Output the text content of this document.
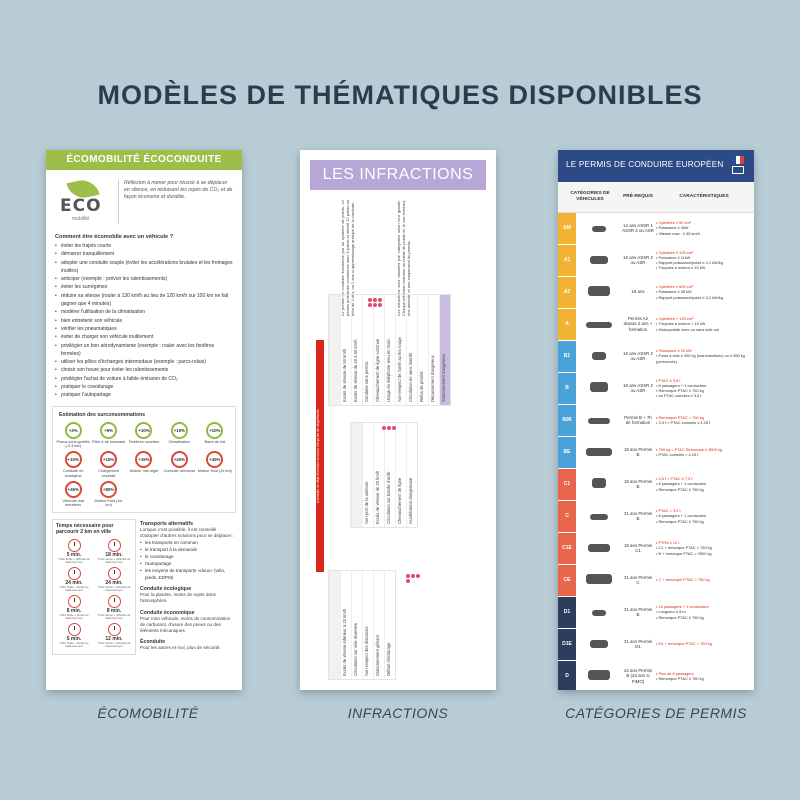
MODÈLES DE THÉMATIQUES DISPONIBLES
ÉCOMOBILITÉ ÉCOCONDUITE
ECO
mobilité
Réflexion à mener pour réussir à se déplacer en silence, en réduisant les rejets de CO₂ et de façon économe et durable.
Comment être écomobile avec un véhicule ?
• éviter les trajets courts
• démarrer tranquillement
• adopter une conduite souple (éviter les accélérations brutales et les freinages inutiles)
• anticiper (exemple : prévoir les ralentissements)
• éviter les surrégimes
• réduire sa vitesse (rouler à 130 km/h au lieu de 120 km/h sur 100 km ne fait gagner que 4 minutes)
• modérer l'utilisation de la climatisation
• bien entretenir son véhicule
• vérifier les pneumatiques
• éviter de charger son véhicule inutilement
• privilégier un bon aérodynamisme (exemple : rouler avec les fenêtres fermées)
• utiliser les pôles d'échanges intermodaux (exemple : parcs-relais)
• choisir son heure pour éviter les ralentissements
• privilégier l'achat de voiture à faible émission de CO₂
• pratiquer le covoiturage
• pratiquer l'autopartage
Estimation des surconsommations
+3%
Pneus sous-gonflés (-0,3 bar)
+5%
Filtre à air encrassé
+10%
Fenêtres ouvertes
+10%
Climatisation
+10%
Barre de toit
+10%
Conduite en surrégime
+15%
Chargement excessif
+15%
Moteur mal réglé
+40%
Conduite nerveuse
+45%
Moteur froid (2e km)
+45%
Véhicule mal entretenu
+80%
Moteur froid (1er km)
Temps nécessaire pour parcourir 2 km en ville
5 min.
Trafic fluide + difficulté de stationnement
18 min.
Trafic dense + difficulté de stationnement
24 min.
Trafic fluide + facilité de stationnement
24 min.
Trafic dense + difficulté de stationnement
8 min.
Trafic fluide + facilité de stationnement
8 min.
Trafic dense + difficulté de stationnement
5 min.
Trafic fluide + facilité de stationnement
12 min.
Trafic dense + difficulté de stationnement
Transports alternatifs
Lorsque c'est possible, il est conseillé d'adopter d'autres solutions pour se déplacer :
• les transports en commun
• le transport à la demande
• le covoiturage
• l'autopartage
• les moyens de transports «doux» (vélo, pieds, EDPM)
Conduite écologique
Pour la planète, moins de rejets dans l'atmosphère.
Conduite économique
Pour mon véhicule, moins de consommation de carburant, d'usure des pneus ou des éléments mécaniques.
Éconduite
Pour les autres et moi, plus de sécurité.
ÉCOMOBILITÉ
LES INFRACTIONS
Le permis de conduire fonctionne par un système de points. Le permis probatoire commence avec 6 points et atteint 12 points au bout de 3 ans, ou 2 ans si apprentissage anticipé de la conduite.	Les infractions sont classées par catégories selon leur gravité. Chaque infraction entraîne un retrait de points et, le cas échéant, une amende et une suspension du permis.
Conduite en état d'ivresse ou sous l'emprise de stupéfiants
Excès de vitesse de 50 km/h	Excès de vitesse de 40 à 50 km/h	Conduite sans permis	Chevauchement de ligne continue	Usage du téléphone tenu en main	Non-respect de l'arrêt au feu rouge	Circulation en sens interdit	Refus de priorité	Dépassement dangereux	Stationnement dangereux
Non-port de la ceinture	Excès de vitesse de 20 km/h	Circulation sur bande d'arrêt	Chevauchement de ligne	Accélération dangereuse
Excès de vitesse inférieur à 20 km/h	Circulation sur voie réservée	Non-respect des distances	Stationnement gênant	Défaut d'éclairage
INFRACTIONS
LE PERMIS DE CONDUIRE EUROPÉEN
CATÉGORIES DE VÉHICULES		PRÉ-REQUIS	CARACTÉRISTIQUES
AM		14 ans ASSR 1 ASSR 2 ou ASR	• Cylindrée ≤ 50 cm³
• Puissance ≤ 4kW
• Vitesse max : ≤ 45 km/h

A1		16 ans ASSR 2 ou ASR	• Cylindrée ≤ 125 cm³
• Puissance ≤ 11kW
• Rapport puissance/poids ≤ 0,1 kW/kg
• Tricycles à moteur ≤ 15 kW

A2		18 ans	• Cylindrée ≥ 600 cm³
• Puissance ≤ 35 kW
• Rapport puissance/poids ≤ 0,2 kW/kg

A		Permis A2 depuis 2 ans + formation	• Cylindrée > 125 cm³
• Tricycles à moteur > 15 kW
• Motocyclette avec ou sans side car

B1		16 ans ASSR 2 ou ASR	• Puissance ≤ 15 kW
• Poids à vide ≤ 400 kg (marchandises) ou ≤ 550 kg (personnes)

B		18 ans ASSR 2 ou ASR	• PTAC ≤ 3,5 t
• 8 passagers + 1 conducteur
• Remorque PTAC ≤ 750 kg
• ou PTAC cumulés ≤ 3,5 t

B96		Permis B + 7h de formation	• Remorque PTAC > 750 kg
• 3,5 t < PTAC cumulés ≤ 4,25 t

BE		18 ans Permis B	• 750 kg < PTAC Remorque ≤ 3500 kg
• PTAC cumulés > 4,25 t

C1		18 ans Permis B	• 3,5 t < PTAC ≤ 7,5 t
• 8 passagers + 1 conducteur
• Remorque PTAC ≤ 750 kg

C		21 ans Permis B	• PTAC > 3,5 t
• 8 passagers + 1 conducteur
• Remorque PTAC ≤ 750 kg

C1E		18 ans Permis C1	• PTRA ≤ 12 t
• C1 + remorque PTAC > 750 kg
• B + remorque PTAC > 3500 kg

CE		21 ans Permis C	• C + remorque PTAC > 750 kg

D1		21 ans Permis B	• 16 passagers + 1 conducteur
• Longueur ≤ 8 m
• Remorque PTAC ≤ 750 kg

D1E		21 ans Permis D1	• D1 + remorque PTAC > 750 kg

D		24 ans Permis B (23 ans si FIMO)	• Plus de 8 passagers
• Remorque PTAC ≤ 750 kg

CATÉGORIES DE PERMIS
